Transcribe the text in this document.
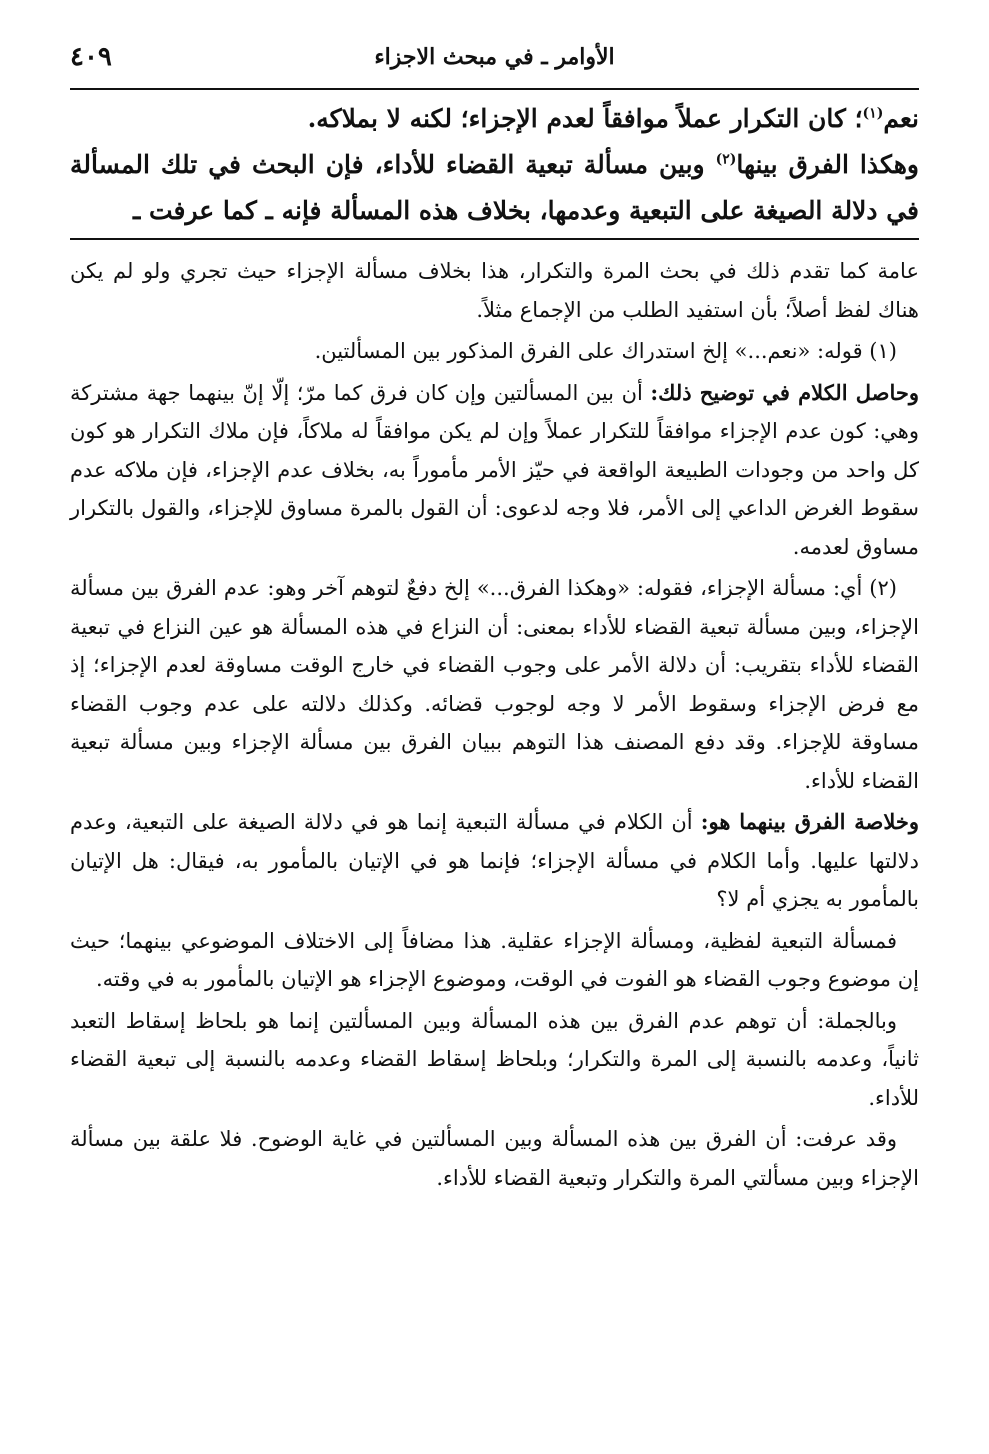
٤٠٩	الأوامر ـ في مبحث الاجزاء

نعم$^{(١)}$؛ كان التكرار عملاً موافقاً لعدم الإجزاء؛ لكنه لا بملاكه.

وهكذا الفرق بينها$^{(٢)}$ وبين مسألة تبعية القضاء للأداء، فإن البحث في تلك المسألة في دلالة الصيغة على التبعية وعدمها، بخلاف هذه المسألة فإنه ـ كما عرفت ـ

عامة كما تقدم ذلك في بحث المرة والتكرار، هذا بخلاف مسألة الإجزاء حيث تجري ولو لم يكن هناك لفظ أصلاً؛ بأن استفيد الطلب من الإجماع مثلاً.

(١) قوله: «نعم...» إلخ استدراك على الفرق المذكور بين المسألتين.

وحاصل الكلام في توضيح ذلك: أن بين المسألتين وإن كان فرق كما مرّ؛ إلّا إنّ بينهما جهة مشتركة وهي: كون عدم الإجزاء موافقاً للتكرار عملاً وإن لم يكن موافقاً له ملاكاً، فإن ملاك التكرار هو كون كل واحد من وجودات الطبيعة الواقعة في حيّز الأمر مأموراً به، بخلاف عدم الإجزاء، فإن ملاكه عدم سقوط الغرض الداعي إلى الأمر، فلا وجه لدعوى: أن القول بالمرة مساوق للإجزاء، والقول بالتكرار مساوق لعدمه.

(٢) أي: مسألة الإجزاء، فقوله: «وهكذا الفرق...» إلخ دفعٌ لتوهم آخر وهو: عدم الفرق بين مسألة الإجزاء، وبين مسألة تبعية القضاء للأداء بمعنى: أن النزاع في هذه المسألة هو عين النزاع في تبعية القضاء للأداء بتقريب: أن دلالة الأمر على وجوب القضاء في خارج الوقت مساوقة لعدم الإجزاء؛ إذ مع فرض الإجزاء وسقوط الأمر لا وجه لوجوب قضائه. وكذلك دلالته على عدم وجوب القضاء مساوقة للإجزاء. وقد دفع المصنف هذا التوهم ببيان الفرق بين مسألة الإجزاء وبين مسألة تبعية القضاء للأداء.

وخلاصة الفرق بينهما هو: أن الكلام في مسألة التبعية إنما هو في دلالة الصيغة على التبعية، وعدم دلالتها عليها. وأما الكلام في مسألة الإجزاء؛ فإنما هو في الإتيان بالمأمور به، فيقال: هل الإتيان بالمأمور به يجزي أم لا؟

فمسألة التبعية لفظية، ومسألة الإجزاء عقلية. هذا مضافاً إلى الاختلاف الموضوعي بينهما؛ حيث إن موضوع وجوب القضاء هو الفوت في الوقت، وموضوع الإجزاء هو الإتيان بالمأمور به في وقته.

وبالجملة: أن توهم عدم الفرق بين هذه المسألة وبين المسألتين إنما هو بلحاظ إسقاط التعبد ثانياً، وعدمه بالنسبة إلى المرة والتكرار؛ وبلحاظ إسقاط القضاء وعدمه بالنسبة إلى تبعية القضاء للأداء.

وقد عرفت: أن الفرق بين هذه المسألة وبين المسألتين في غاية الوضوح. فلا علقة بين مسألة الإجزاء وبين مسألتي المرة والتكرار وتبعية القضاء للأداء.
